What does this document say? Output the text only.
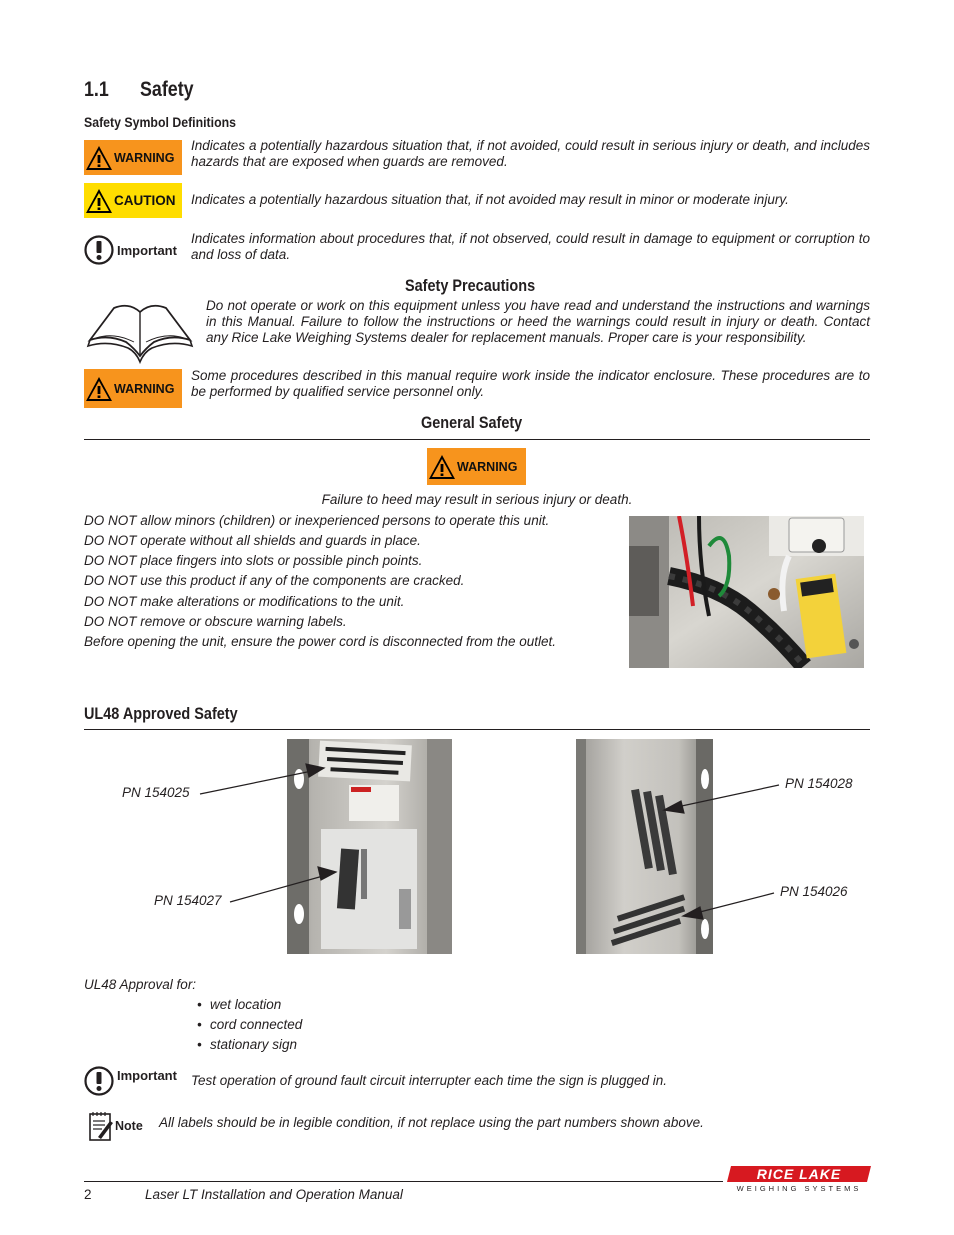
1.1 Safety
Safety Symbol Definitions
WARNING
Indicates a potentially hazardous situation that, if not avoided, could result in serious injury or death, and includes hazards that are exposed when guards are removed.
CAUTION Indicates a potentially hazardous situation that, if not avoided may result in minor or moderate injury.
Important
Indicates information about procedures that, if not observed, could result in damage to equipment or corruption to and loss of data.
Safety Precautions
Do not operate or work on this equipment unless you have read and understand the instructions and warnings in this Manual. Failure to follow the instructions or heed the warnings could result in injury or death. Contact any Rice Lake Weighing Systems dealer for replacement manuals. Proper care is your responsibility.
WARNING
Some procedures described in this manual require work inside the indicator enclosure. These procedures are to be performed by qualified service personnel only.
General Safety
WARNING
Failure to heed may result in serious injury or death.
DO NOT allow minors (children) or inexperienced persons to operate this unit.
DO NOT operate without all shields and guards in place.
DO NOT place fingers into slots or possible pinch points.
DO NOT use this product if any of the components are cracked.
DO NOT make alterations or modifications to the unit.
DO NOT remove or obscure warning labels.
Before opening the unit, ensure the power cord is disconnected from the outlet.
UL48 Approved Safety
PN 154025
PN 154027
PN 154028
PN 154026
UL48 Approval for:
• wet location
• cord connected
• stationary sign
Important Test operation of ground fault circuit interrupter each time the sign is plugged in.
Note All labels should be in legible condition, if not replace using the part numbers shown above.
2	Laser LT Installation and Operation Manual
RICE LAKE
WEIGHING SYSTEMS
